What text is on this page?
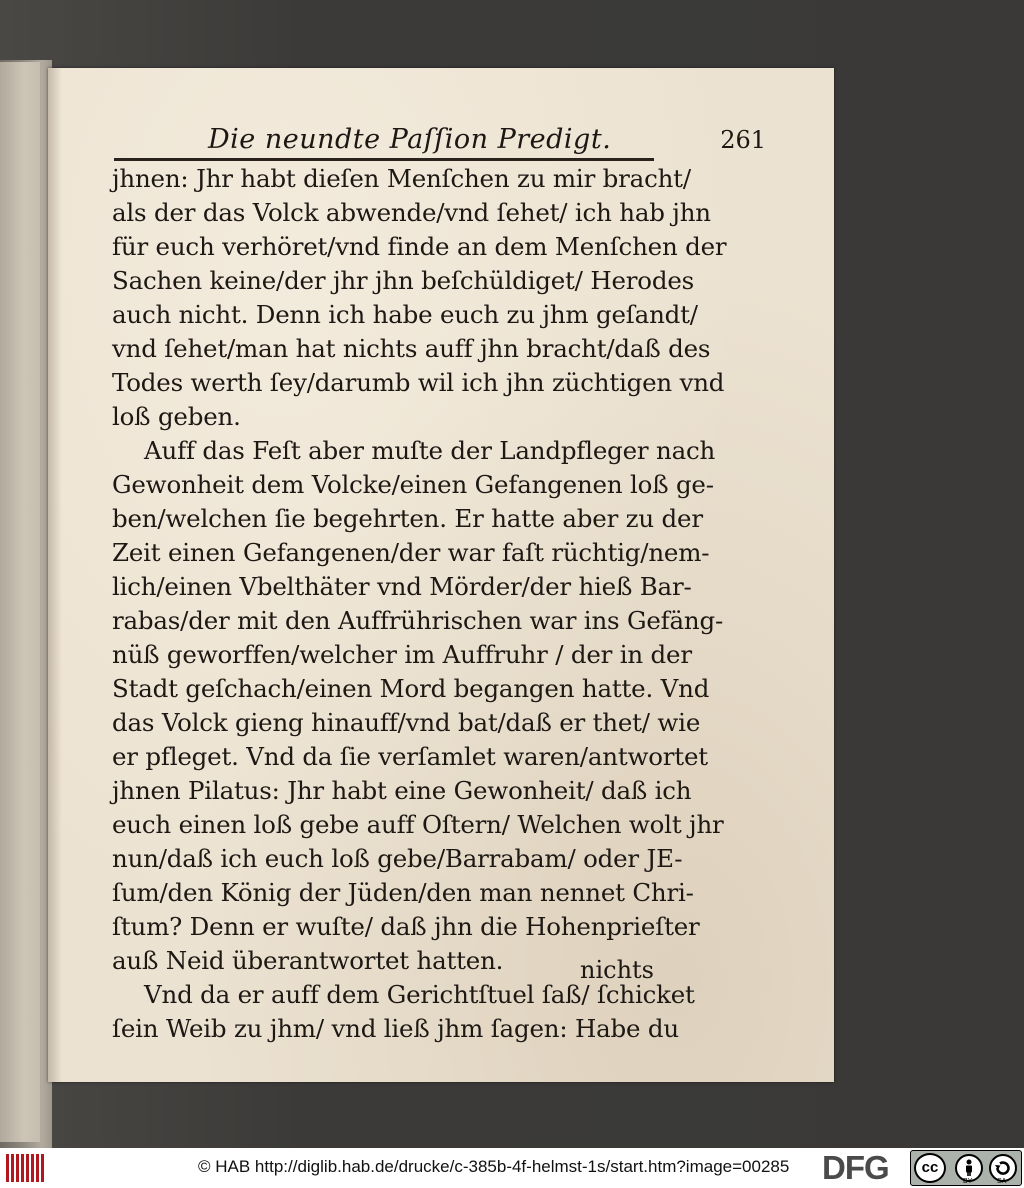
Die neundte Paſſion Predigt.	261
jhnen: Jhr habt dieſen Menſchen zu mir bracht/
als der das Volck abwende/vnd ſehet/ ich hab jhn
für euch verhöret/vnd finde an dem Menſchen der
Sachen keine/der jhr jhn beſchüldiget/ Herodes
auch nicht. Denn ich habe euch zu jhm geſandt/
vnd ſehet/man hat nichts auff jhn bracht/daß des
Todes werth ſey/darumb wil ich jhn züchtigen vnd
loß geben.
Auff das Feſt aber muſte der Landpfleger nach
Gewonheit dem Volcke/einen Gefangenen loß ge-
ben/welchen ſie begehrten. Er hatte aber zu der
Zeit einen Gefangenen/der war faſt rüchtig/nem-
lich/einen Vbelthäter vnd Mörder/der hieß Bar-
rabas/der mit den Auffrührischen war ins Gefäng-
nüß geworffen/welcher im Auffruhr / der in der
Stadt geſchach/einen Mord begangen hatte. Vnd
das Volck gieng hinauff/vnd bat/daß er thet/ wie
er pfleget. Vnd da ſie verſamlet waren/antwortet
jhnen Pilatus: Jhr habt eine Gewonheit/ daß ich
euch einen loß gebe auff Oſtern/ Welchen wolt jhr
nun/daß ich euch loß gebe/Barrabam/ oder JE-
ſum/den König der Jüden/den man nennet Chri-
ſtum? Denn er wuſte/ daß jhn die Hohenprieſter
auß Neid überantwortet hatten.
Vnd da er auff dem Gerichtſtuel ſaß/ ſchicket
ſein Weib zu jhm/ vnd ließ jhm ſagen: Habe du
nichts
© HAB http://diglib.hab.de/drucke/c-385b-4f-helmst-1s/start.htm?image=00285 DFG	cc
BY	SA
